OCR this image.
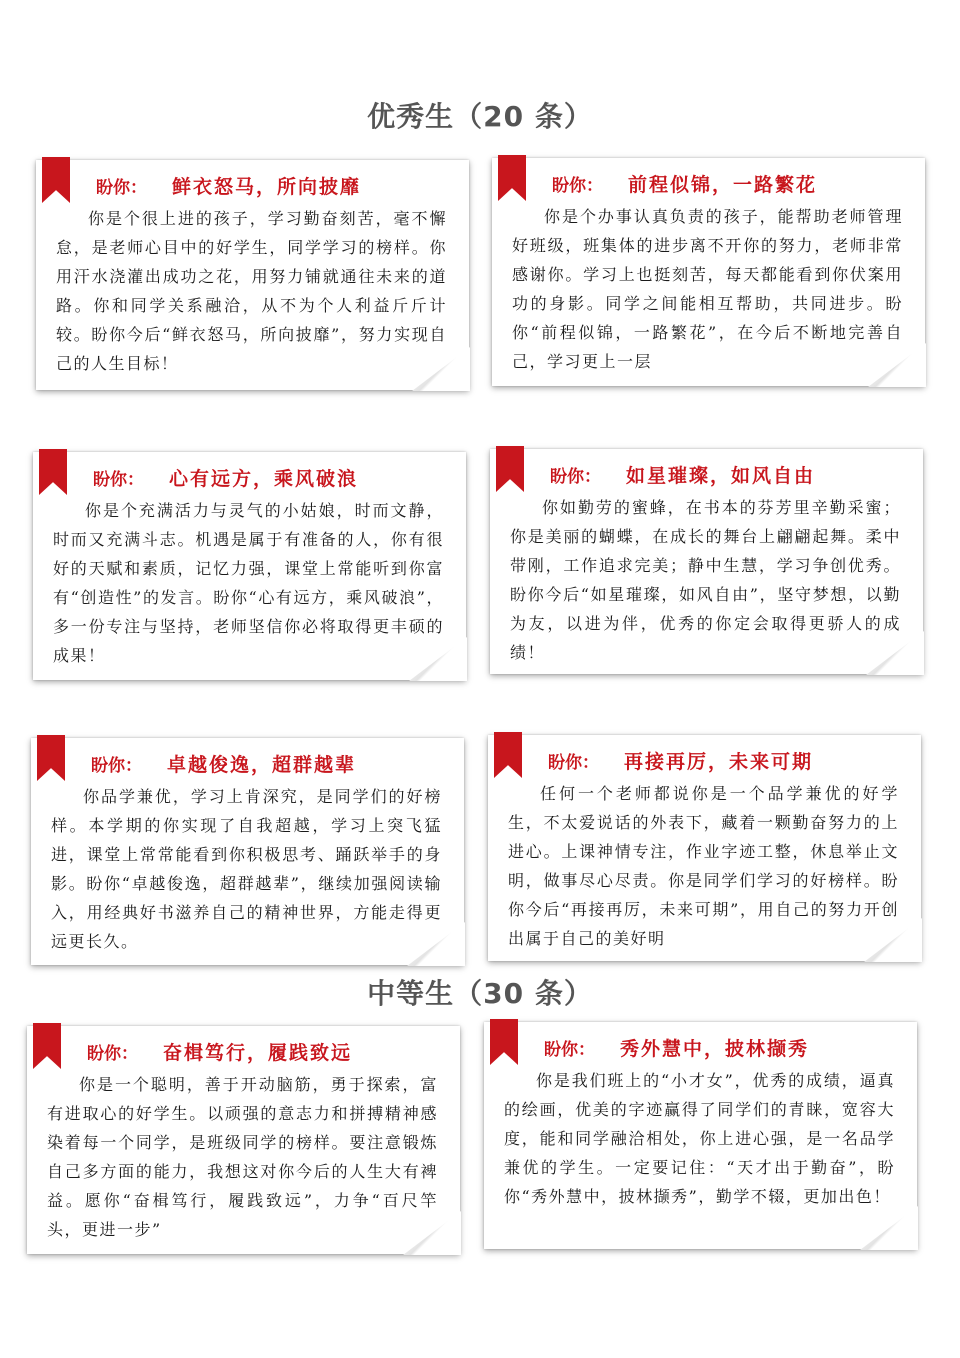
优秀生（20 条）
中等生（30 条）
盼你： 鲜衣怒马，所向披靡

你是个很上进的孩子，学习勤奋刻苦，毫不懈怠，是老师心目中的好学生，同学学习的榜样。你用汗水浇灌出成功之花，用努力铺就通往未来的道路。你和同学关系融洽，从不为个人利益斤斤计较。盼你今后“鲜衣怒马，所向披靡”，努力实现自己的人生目标！

盼你： 前程似锦，一路繁花

你是个办事认真负责的孩子，能帮助老师管理好班级，班集体的进步离不开你的努力，老师非常感谢你。学习上也挺刻苦，每天都能看到你伏案用功的身影。同学之间能相互帮助，共同进步。盼你“前程似锦，一路繁花”，在今后不断地完善自己，学习更上一层

盼你： 心有远方，乘风破浪

你是个充满活力与灵气的小姑娘，时而文静，时而又充满斗志。机遇是属于有准备的人，你有很好的天赋和素质，记忆力强，课堂上常能听到你富有“创造性”的发言。盼你“心有远方，乘风破浪”，多一份专注与坚持，老师坚信你必将取得更丰硕的成果！

盼你： 如星璀璨，如风自由

你如勤劳的蜜蜂，在书本的芬芳里辛勤采蜜；你是美丽的蝴蝶，在成长的舞台上翩翩起舞。柔中带刚，工作追求完美；静中生慧，学习争创优秀。盼你今后“如星璀璨，如风自由”，坚守梦想，以勤为友，以进为伴，优秀的你定会取得更骄人的成绩！

盼你： 卓越俊逸，超群越辈

你品学兼优，学习上肯深究，是同学们的好榜样。本学期的你实现了自我超越，学习上突飞猛进，课堂上常常能看到你积极思考、踊跃举手的身影。盼你“卓越俊逸，超群越辈”，继续加强阅读输入，用经典好书滋养自己的精神世界，方能走得更远更长久。

盼你： 再接再厉，未来可期

任何一个老师都说你是一个品学兼优的好学生，不太爱说话的外表下，藏着一颗勤奋努力的上进心。上课神情专注，作业字迹工整，休息举止文明，做事尽心尽责。你是同学们学习的好榜样。盼你今后“再接再厉，未来可期”，用自己的努力开创出属于自己的美好明

盼你： 奋楫笃行，履践致远

你是一个聪明，善于开动脑筋，勇于探索，富有进取心的好学生。以顽强的意志力和拼搏精神感染着每一个同学，是班级同学的榜样。要注意锻炼自己多方面的能力，我想这对你今后的人生大有裨益。愿你“奋楫笃行，履践致远”，力争“百尺竿头，更进一步”

盼你： 秀外慧中，披林撷秀

你是我们班上的“小才女”，优秀的成绩，逼真的绘画，优美的字迹赢得了同学们的青睐，宽容大度，能和同学融洽相处，你上进心强，是一名品学兼优的学生。一定要记住：“天才出于勤奋”，盼你“秀外慧中，披林撷秀”，勤学不辍，更加出色！
